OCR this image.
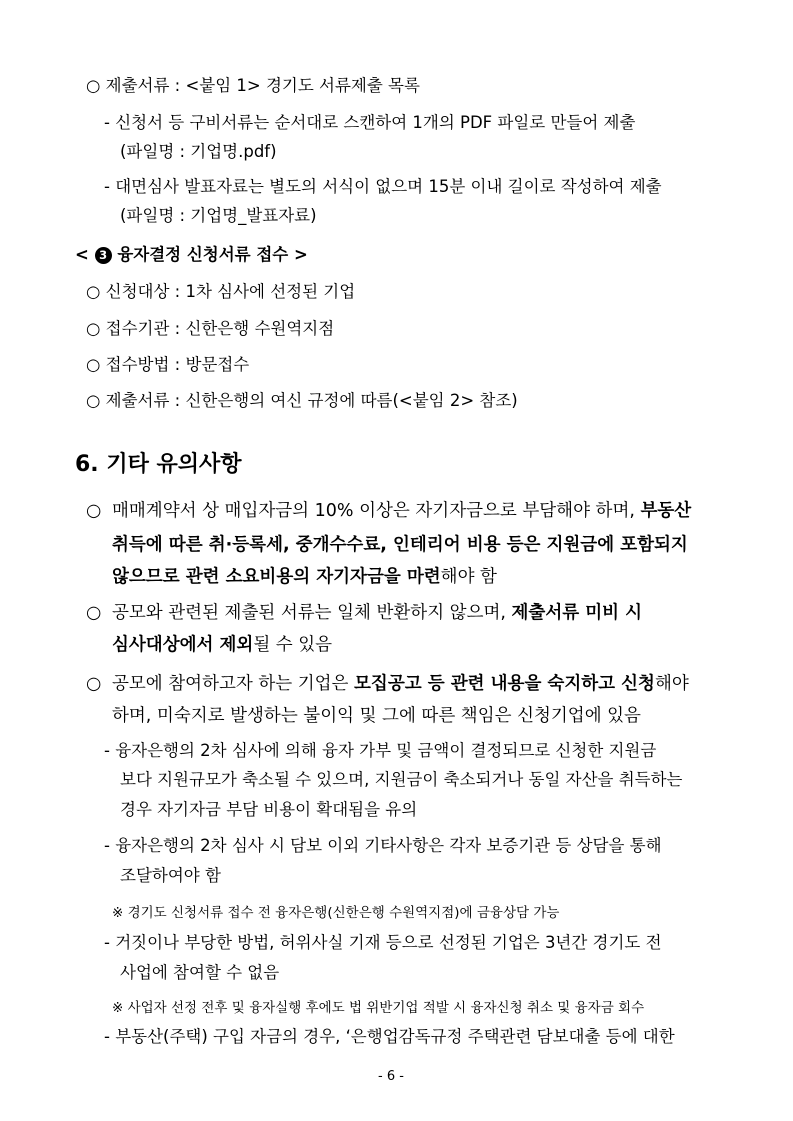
○ 제출서류 : <붙임 1> 경기도 서류제출 목록
- 신청서 등 구비서류는 순서대로 스캔하여 1개의 PDF 파일로 만들어 제출
(파일명 : 기업명.pdf)
- 대면심사 발표자료는 별도의 서식이 없으며 15분 이내 길이로 작성하여 제출
(파일명 : 기업명_발표자료)
< 3 융자결정 신청서류 접수 >
○ 신청대상 : 1차 심사에 선정된 기업
○ 접수기관 : 신한은행 수원역지점
○ 접수방법 : 방문접수
○ 제출서류 : 신한은행의 여신 규정에 따름(<붙임 2> 참조)
6. 기타 유의사항
○ 매매계약서 상 매입자금의 10% 이상은 자기자금으로 부담해야 하며, 부동산
취득에 따른 취·등록세, 중개수수료, 인테리어 비용 등은 지원금에 포함되지
않으므로 관련 소요비용의 자기자금을 마련해야 함
○ 공모와 관련된 제출된 서류는 일체 반환하지 않으며, 제출서류 미비 시
심사대상에서 제외될 수 있음
○ 공모에 참여하고자 하는 기업은 모집공고 등 관련 내용을 숙지하고 신청해야
하며, 미숙지로 발생하는 불이익 및 그에 따른 책임은 신청기업에 있음
- 융자은행의 2차 심사에 의해 융자 가부 및 금액이 결정되므로 신청한 지원금
보다 지원규모가 축소될 수 있으며, 지원금이 축소되거나 동일 자산을 취득하는
경우 자기자금 부담 비용이 확대됨을 유의
- 융자은행의 2차 심사 시 담보 이외 기타사항은 각자 보증기관 등 상담을 통해
조달하여야 함
※ 경기도 신청서류 접수 전 융자은행(신한은행 수원역지점)에 금융상담 가능
- 거짓이나 부당한 방법, 허위사실 기재 등으로 선정된 기업은 3년간 경기도 전
사업에 참여할 수 없음
※ 사업자 선정 전후 및 융자실행 후에도 법 위반기업 적발 시 융자신청 취소 및 융자금 회수
- 부동산(주택) 구입 자금의 경우, ‘은행업감독규정 주택관련 담보대출 등에 대한
- 6 -
